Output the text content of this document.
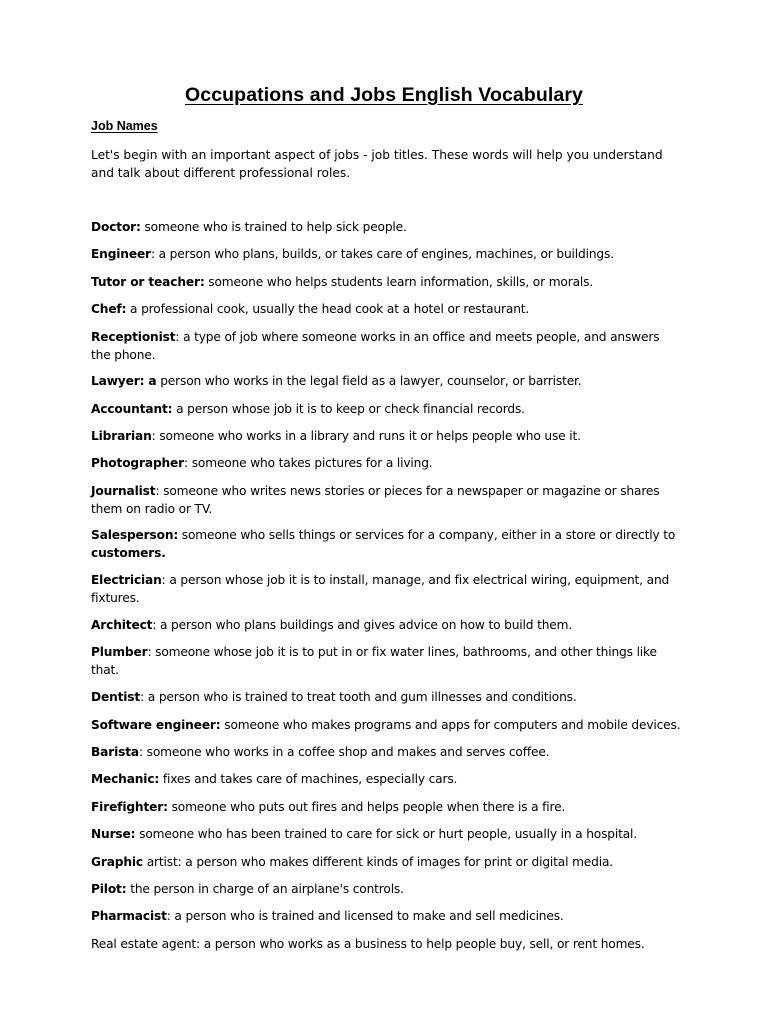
Occupations and Jobs English Vocabulary

Job Names

Let's begin with an important aspect of jobs - job titles. These words will help you understand and talk about different professional roles.

Doctor: someone who is trained to help sick people.
Engineer: a person who plans, builds, or takes care of engines, machines, or buildings.
Tutor or teacher: someone who helps students learn information, skills, or morals.
Chef: a professional cook, usually the head cook at a hotel or restaurant.
Receptionist: a type of job where someone works in an office and meets people, and answers the phone.
Lawyer: a person who works in the legal field as a lawyer, counselor, or barrister.
Accountant: a person whose job it is to keep or check financial records.
Librarian: someone who works in a library and runs it or helps people who use it.
Photographer: someone who takes pictures for a living.
Journalist: someone who writes news stories or pieces for a newspaper or magazine or shares them on radio or TV.
Salesperson: someone who sells things or services for a company, either in a store or directly to customers.
Electrician: a person whose job it is to install, manage, and fix electrical wiring, equipment, and fixtures.
Architect: a person who plans buildings and gives advice on how to build them.
Plumber: someone whose job it is to put in or fix water lines, bathrooms, and other things like that.
Dentist: a person who is trained to treat tooth and gum illnesses and conditions.
Software engineer: someone who makes programs and apps for computers and mobile devices.
Barista: someone who works in a coffee shop and makes and serves coffee.
Mechanic: fixes and takes care of machines, especially cars.
Firefighter: someone who puts out fires and helps people when there is a fire.
Nurse: someone who has been trained to care for sick or hurt people, usually in a hospital.
Graphic artist: a person who makes different kinds of images for print or digital media.
Pilot: the person in charge of an airplane's controls.
Pharmacist: a person who is trained and licensed to make and sell medicines.
Real estate agent: a person who works as a business to help people buy, sell, or rent homes.
